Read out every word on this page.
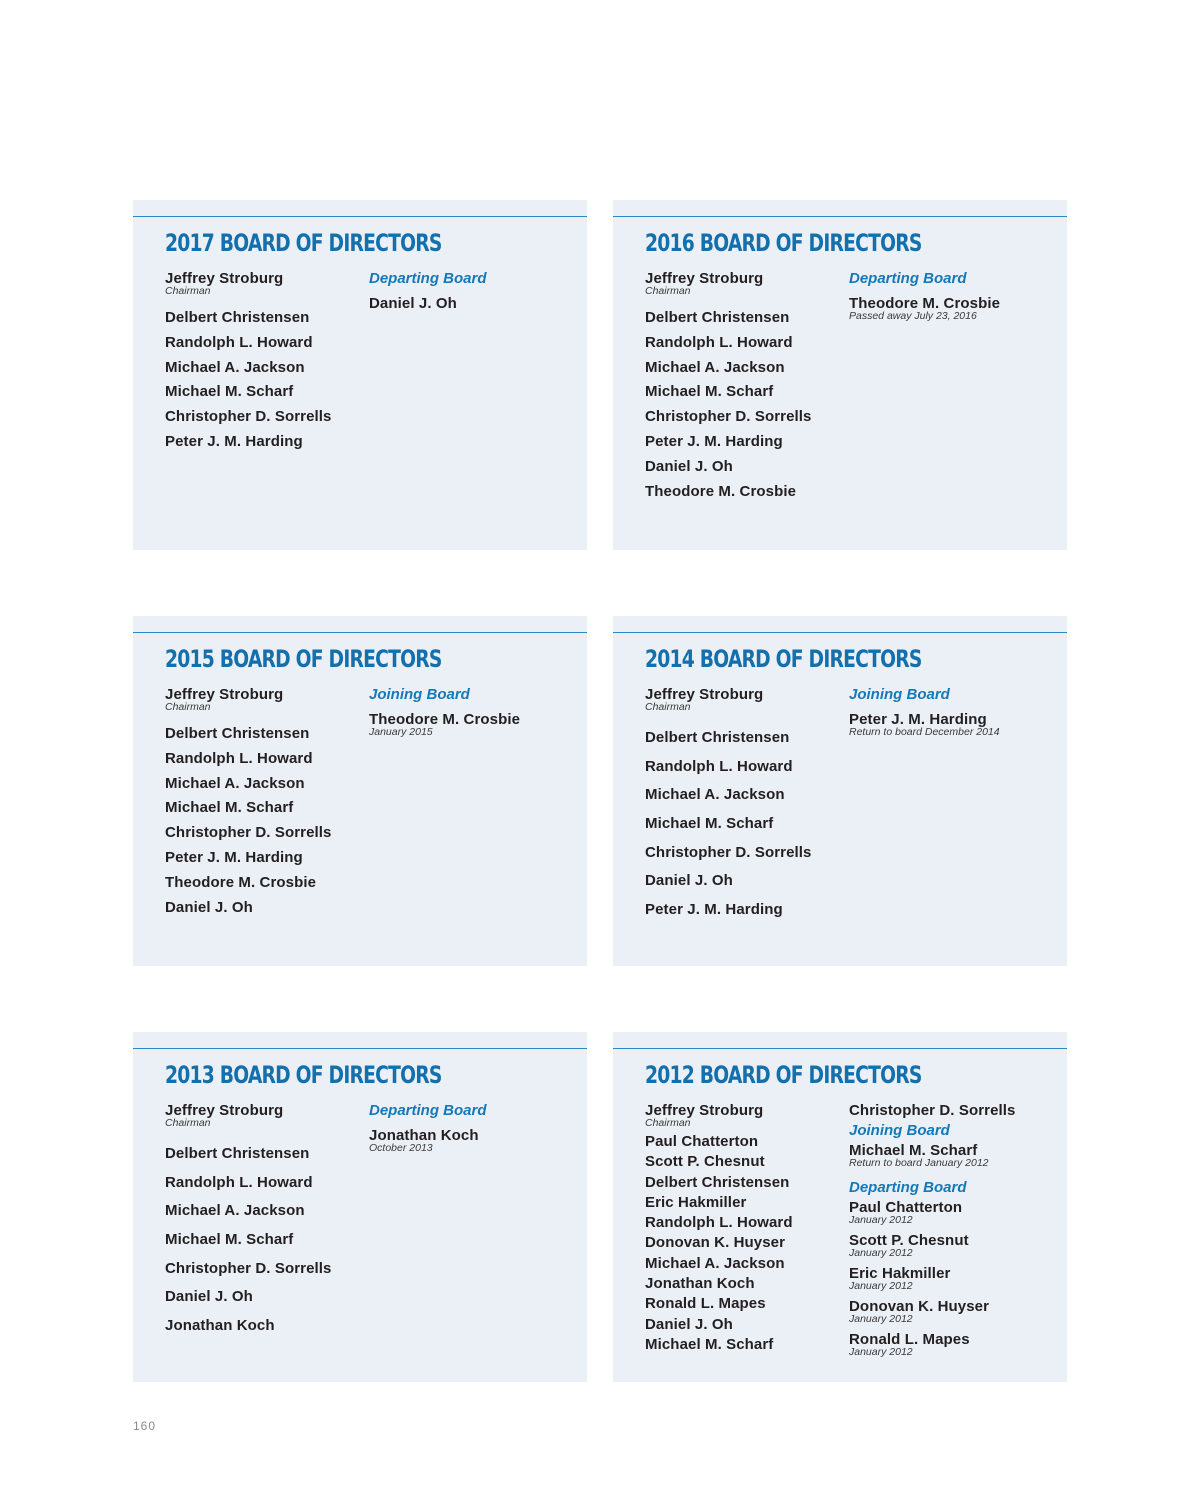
2017 BOARD OF DIRECTORS
Jeffrey Stroburg
Chairman
Delbert Christensen
Randolph L. Howard
Michael A. Jackson
Michael M. Scharf
Christopher D. Sorrells
Peter J. M. Harding
Departing Board
Daniel J. Oh
2016 BOARD OF DIRECTORS
Jeffrey Stroburg
Chairman
Delbert Christensen
Randolph L. Howard
Michael A. Jackson
Michael M. Scharf
Christopher D. Sorrells
Peter J. M. Harding
Daniel J. Oh
Theodore M. Crosbie
Departing Board
Theodore M. Crosbie
Passed away July 23, 2016
2015 BOARD OF DIRECTORS
Jeffrey Stroburg
Chairman
Delbert Christensen
Randolph L. Howard
Michael A. Jackson
Michael M. Scharf
Christopher D. Sorrells
Peter J. M. Harding
Theodore M. Crosbie
Daniel J. Oh
Joining Board
Theodore M. Crosbie
January 2015
2014 BOARD OF DIRECTORS
Jeffrey Stroburg
Chairman
Delbert Christensen
Randolph L. Howard
Michael A. Jackson
Michael M. Scharf
Christopher D. Sorrells
Daniel J. Oh
Peter J. M. Harding
Joining Board
Peter J. M. Harding
Return to board December 2014
2013 BOARD OF DIRECTORS
Jeffrey Stroburg
Chairman
Delbert Christensen
Randolph L. Howard
Michael A. Jackson
Michael M. Scharf
Christopher D. Sorrells
Daniel J. Oh
Jonathan Koch
Departing Board
Jonathan Koch
October 2013
2012 BOARD OF DIRECTORS
Jeffrey Stroburg
Chairman
Paul Chatterton
Scott P. Chesnut
Delbert Christensen
Eric Hakmiller
Randolph L. Howard
Donovan K. Huyser
Michael A. Jackson
Jonathan Koch
Ronald L. Mapes
Daniel J. Oh
Michael M. Scharf
Christopher D. Sorrells
Joining Board
Michael M. Scharf
Return to board January 2012
Departing Board
Paul Chatterton
January 2012
Scott P. Chesnut
January 2012
Eric Hakmiller
January 2012
Donovan K. Huyser
January 2012
Ronald L. Mapes
January 2012
160
